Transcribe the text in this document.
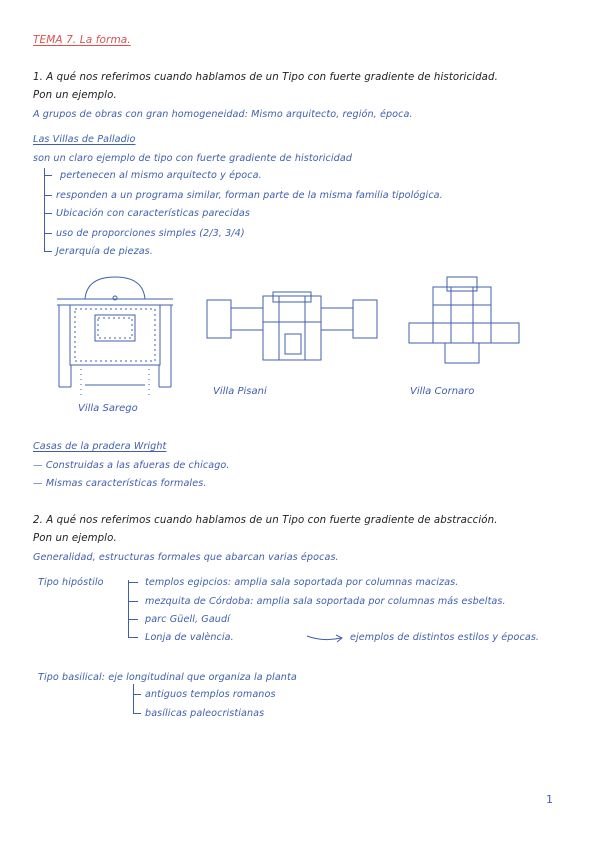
TEMA 7. La forma.
1. A qué nos referimos cuando hablamos de un Tipo con fuerte gradiente de historicidad.
Pon un ejemplo.
A grupos de obras con gran homogeneidad: Mismo arquitecto, región, época.
Las Villas de Palladio
son un claro ejemplo de tipo con fuerte gradiente de historicidad
pertenecen al mismo arquitecto y época.
responden a un programa similar, forman parte de la misma familia tipológica.
Ubicación con características parecidas
uso de proporciones simples (2/3, 3/4)
Jerarquía de piezas.
Villa Sarego
Villa Pisani	Villa Cornaro
Casas de la pradera Wright
— Construidas a las afueras de chicago.
— Mismas características formales.
2. A qué nos referimos cuando hablamos de un Tipo con fuerte gradiente de abstracción.
Pon un ejemplo.
Generalidad, estructuras formales que abarcan varias épocas.
Tipo hipóstilo	templos egipcios: amplia sala soportada por columnas macizas.
mezquita de Córdoba: amplia sala soportada por columnas más esbeltas.
parc Güell, Gaudí
Lonja de valència.	ejemplos de distintos estilos y épocas.
Tipo basilical: eje longitudinal que organiza la planta
antiguos templos romanos
basílicas paleocristianas
1
